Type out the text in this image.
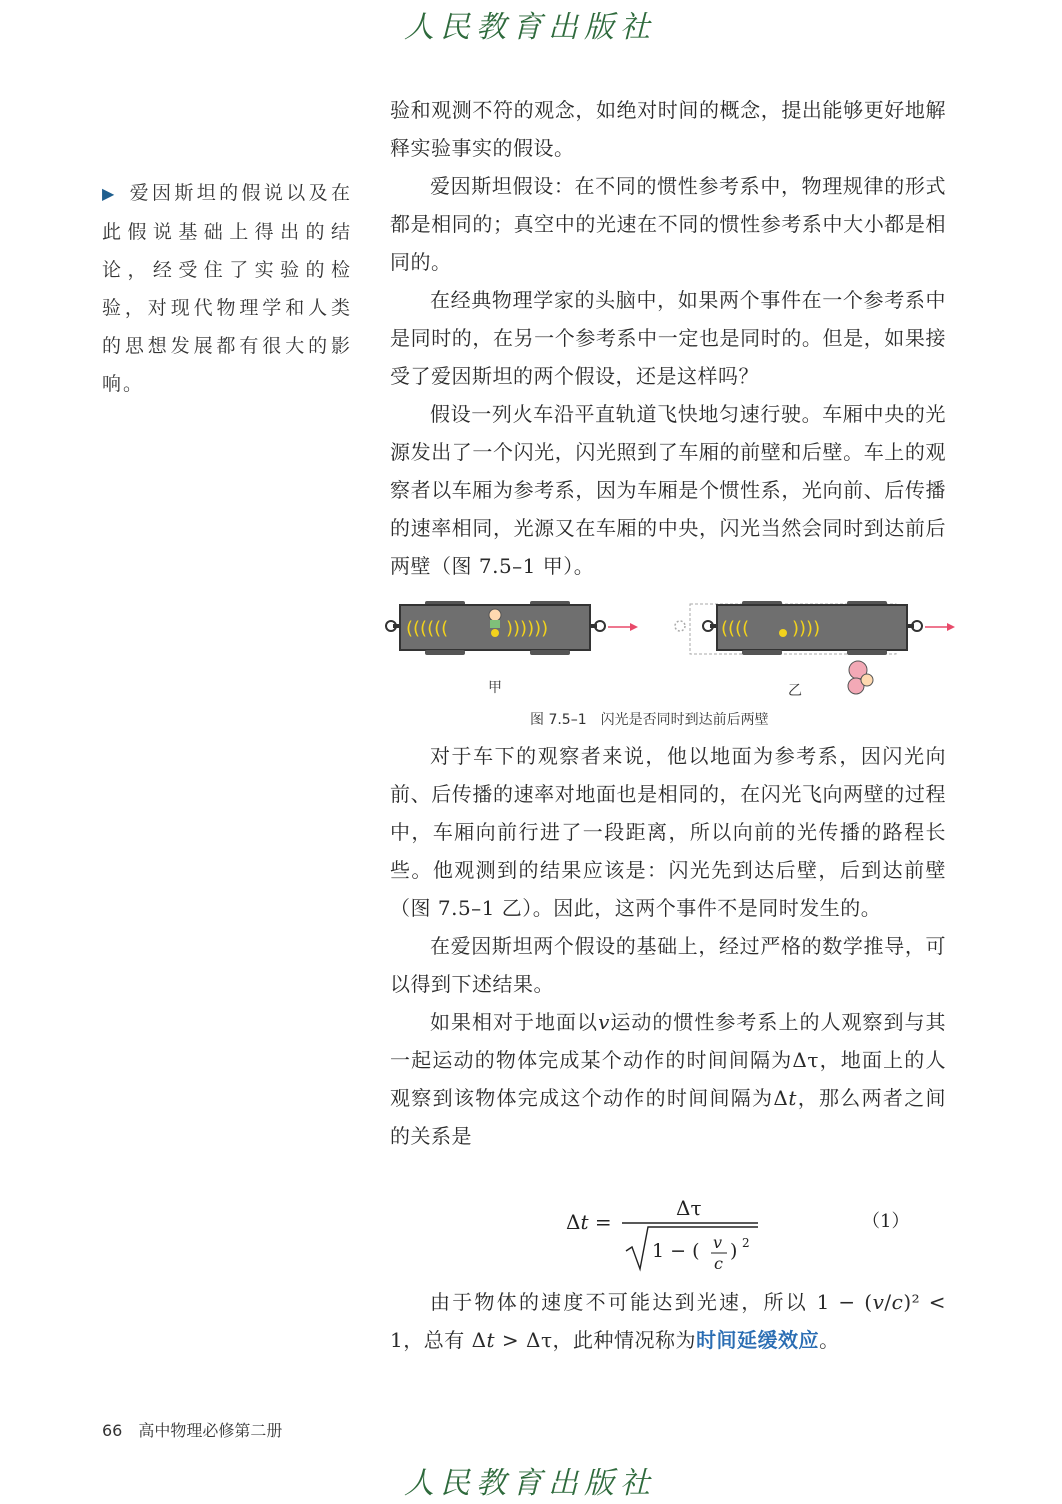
人民教育出版社
▶ 爱因斯坦的假说以及在此假说基础上得出的结论，经受住了实验的检验，对现代物理学和人类的思想发展都有很大的影响。

验和观测不符的观念，如绝对时间的概念，提出能够更好地解释实验事实的假设。

爱因斯坦假设：在不同的惯性参考系中，物理规律的形式都是相同的；真空中的光速在不同的惯性参考系中大小都是相同的。

在经典物理学家的头脑中，如果两个事件在一个参考系中是同时的，在另一个参考系中一定也是同时的。但是，如果接受了爱因斯坦的两个假设，还是这样吗？

假设一列火车沿平直轨道飞快地匀速行驶。车厢中央的光源发出了一个闪光，闪光照到了车厢的前壁和后壁。车上的观察者以车厢为参考系，因为车厢是个惯性系，光向前、后传播的速率相同，光源又在车厢的中央，闪光当然会同时到达前后两壁（图 7.5–1 甲）。

((((((	))))))
甲
(((( ))))
乙
图 7.5–1　闪光是否同时到达前后两壁

对于车下的观察者来说，他以地面为参考系，因闪光向前、后传播的速率对地面也是相同的，在闪光飞向两壁的过程中，车厢向前行进了一段距离，所以向前的光传播的路程长些。他观测到的结果应该是：闪光先到达后壁，后到达前壁（图 7.5–1 乙）。因此，这两个事件不是同时发生的。

在爱因斯坦两个假设的基础上，经过严格的数学推导，可以得到下述结果。

如果相对于地面以v运动的惯性参考系上的人观察到与其一起运动的物体完成某个动作的时间间隔为Δτ，地面上的人观察到该物体完成这个动作的时间间隔为Δt，那么两者之间的关系是

Δt =
Δτ
1 − ( v
c
) 2
（1）

由于物体的速度不可能达到光速，所以 1 − (v/c)² < 1，总有 Δt > Δτ，此种情况称为时间延缓效应。

66 高中物理必修第二册
人民教育出版社
